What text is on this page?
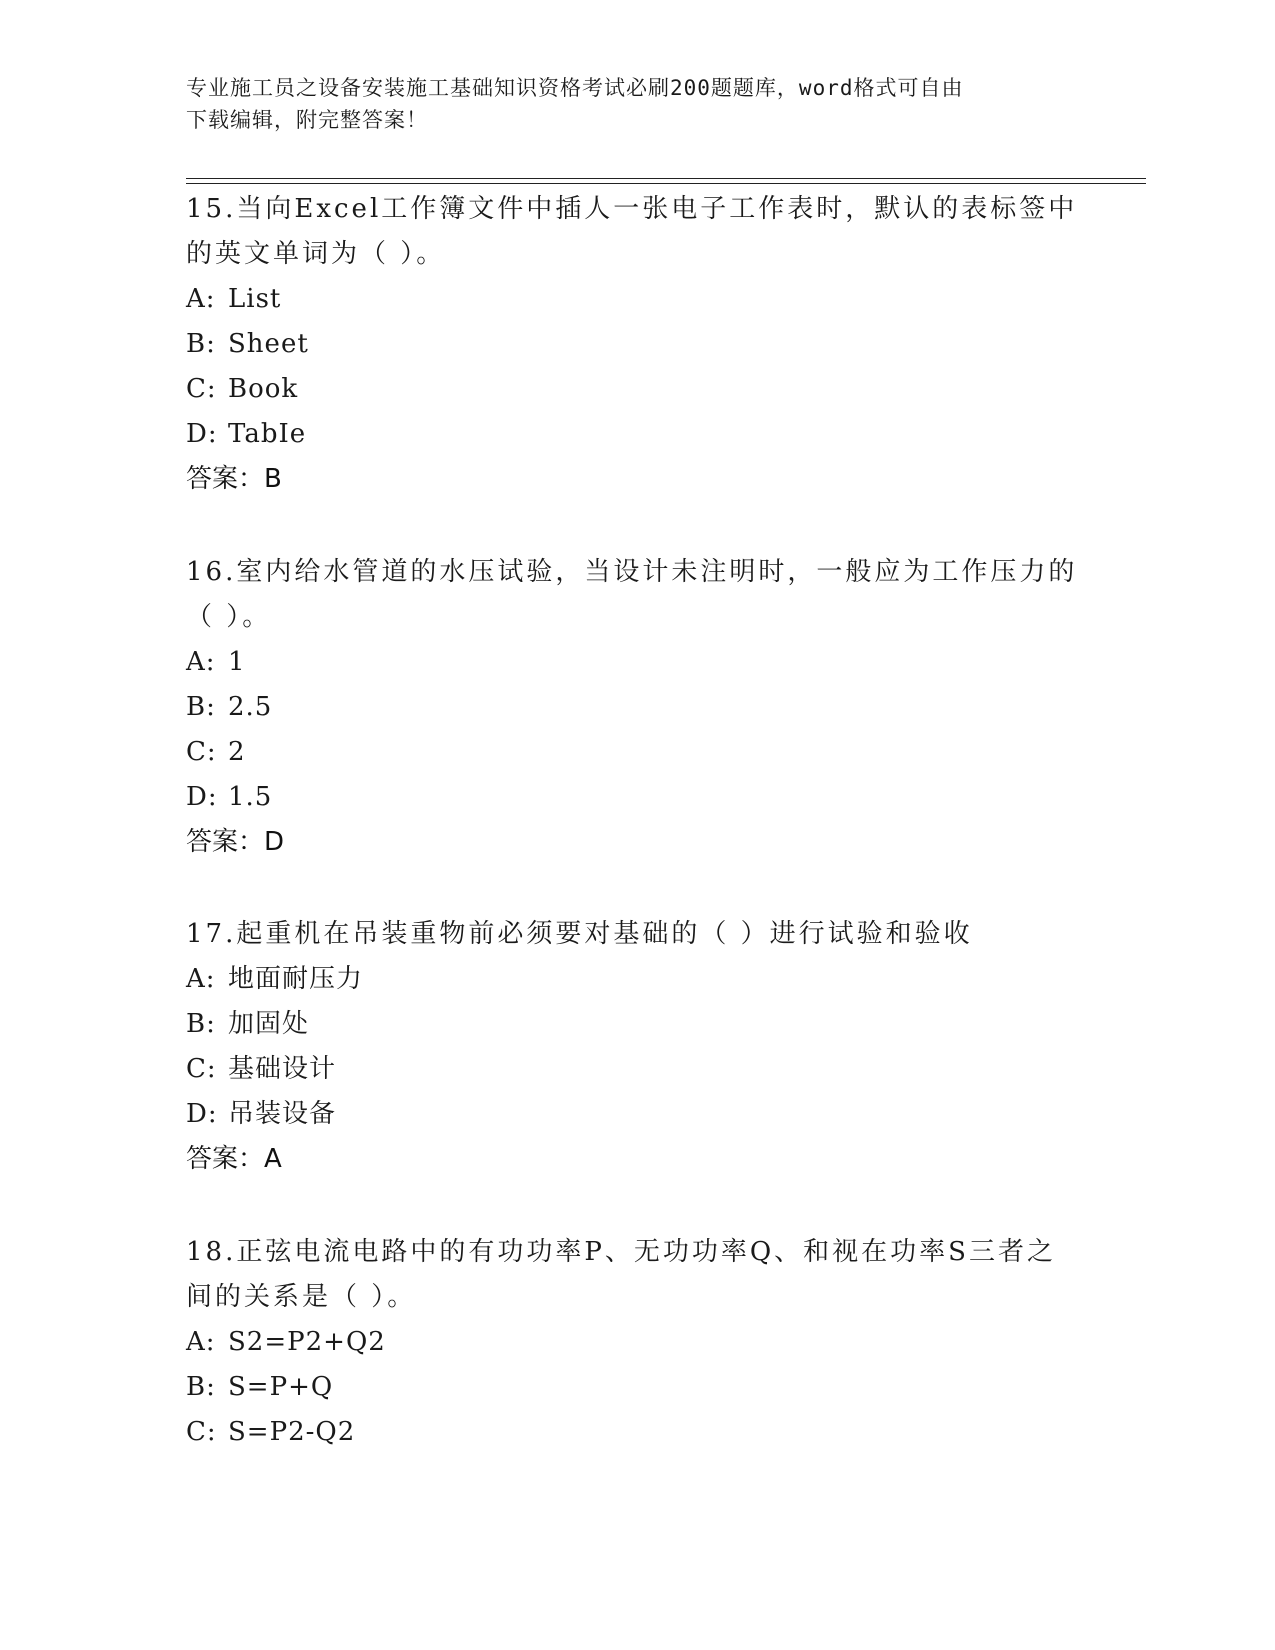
专业施工员之设备安装施工基础知识资格考试必刷200题题库，word格式可自由
下载编辑，附完整答案！

15.当向Excel工作簿文件中插人一张电子工作表时，默认的表标签中

的英文单词为（ ）。

A: List

B: Sheet

C: Book

D: TabIe

答案：B

16.室内给水管道的水压试验，当设计未注明时，一般应为工作压力的

（ ）。

A: 1

B: 2.5

C: 2

D: 1.5

答案：D

17.起重机在吊装重物前必须要对基础的（ ）进行试验和验收

A: 地面耐压力

B: 加固处

C: 基础设计

D: 吊装设备

答案：A

18.正弦电流电路中的有功功率P、无功功率Q、和视在功率S三者之

间的关系是（ ）。

A: S2=P2+Q2

B: S=P+Q

C: S=P2-Q2
